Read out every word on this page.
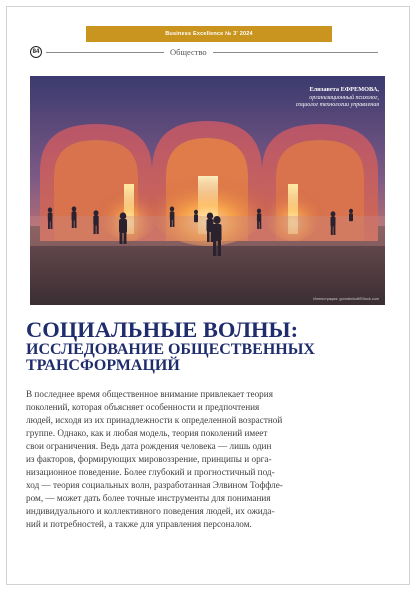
Business Excellence № 3' 2024
84	Общество
Елизавета ЕФРЕМОВА,
организационный психолог,
социолог технологии управления
Иллюстрация: gorodenkoff/iStock.com
СОЦИАЛЬНЫЕ ВОЛНЫ:
ИССЛЕДОВАНИЕ ОБЩЕСТВЕННЫХ
ТРАНСФОРМАЦИЙ

В последнее время общественное внимание привлекает теория
поколений, которая объясняет особенности и предпочтения
людей, исходя из их принадлежности к определенной возрастной
группе. Однако, как и любая модель, теория поколений имеет
свои ограничения. Ведь дата рождения человека — лишь один
из факторов, формирующих мировоззрение, принципы и орга-
низационное поведение. Более глубокий и прогностичный под-
ход — теория социальных волн, разработанная Элвином Тоффле-
ром, — может дать более точные инструменты для понимания
индивидуального и коллективного поведения людей, их ожида-
ний и потребностей, а также для управления персоналом.
